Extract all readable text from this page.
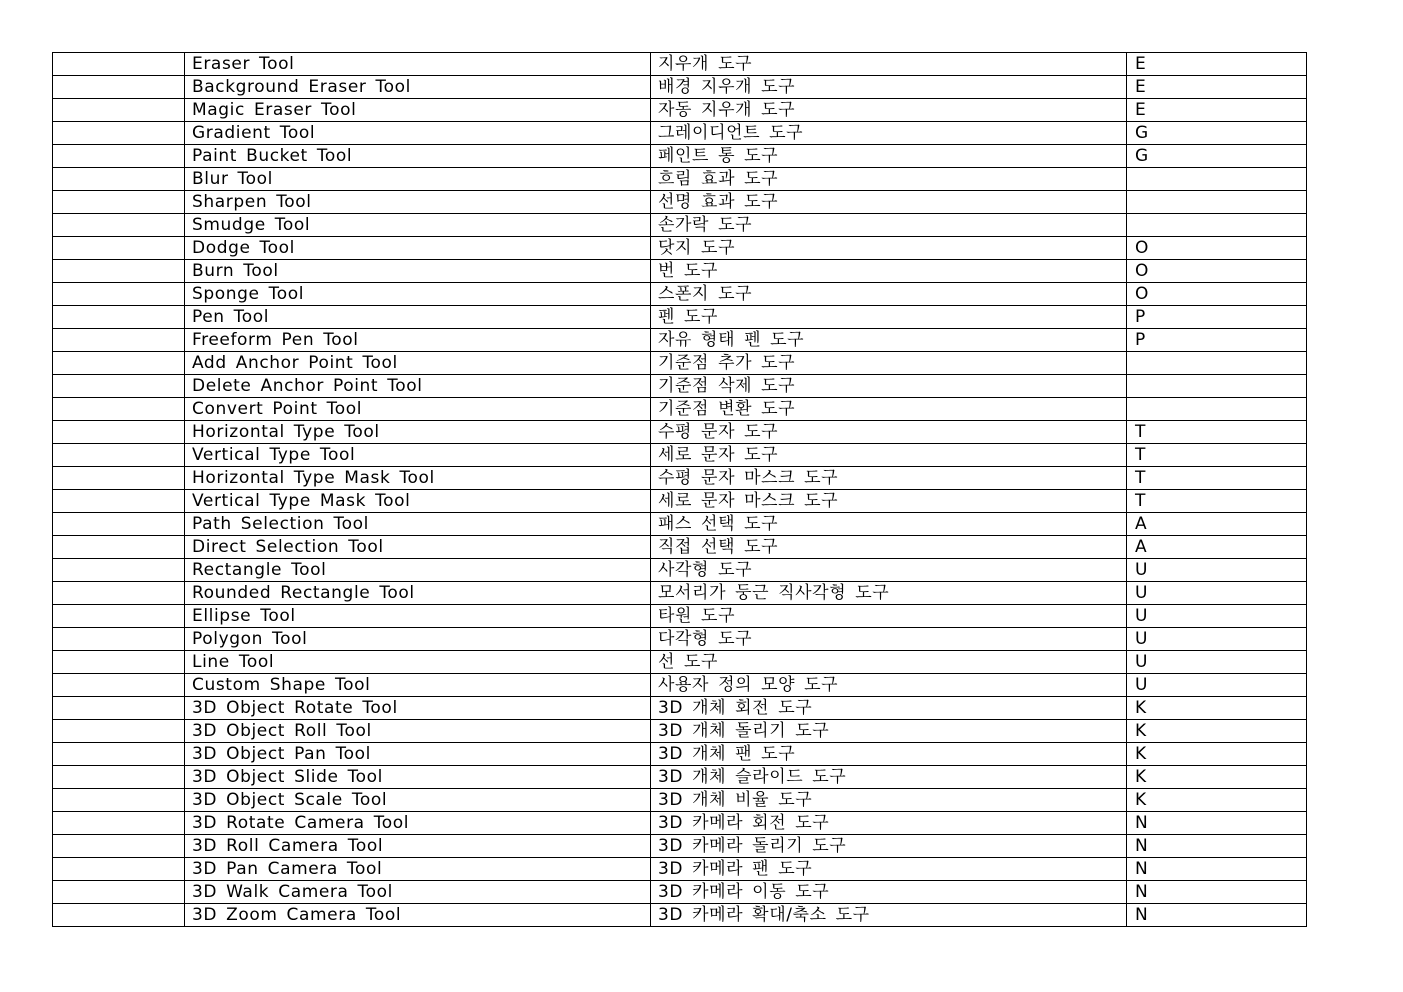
	Eraser Tool	지우개 도구	E
	Background Eraser Tool	배경 지우개 도구	E
	Magic Eraser Tool	자동 지우개 도구	E
	Gradient Tool	그레이디언트 도구	G
	Paint Bucket Tool	페인트 통 도구	G
	Blur Tool	흐림 효과 도구	
	Sharpen Tool	선명 효과 도구	
	Smudge Tool	손가락 도구	
	Dodge Tool	닷지 도구	O
	Burn Tool	번 도구	O
	Sponge Tool	스폰지 도구	O
	Pen Tool	펜 도구	P
	Freeform Pen Tool	자유 형태 펜 도구	P
	Add Anchor Point Tool	기준점 추가 도구	
	Delete Anchor Point Tool	기준점 삭제 도구	
	Convert Point Tool	기준점 변환 도구	
	Horizontal Type Tool	수평 문자 도구	T
	Vertical Type Tool	세로 문자 도구	T
	Horizontal Type Mask Tool	수평 문자 마스크 도구	T
	Vertical Type Mask Tool	세로 문자 마스크 도구	T
	Path Selection Tool	패스 선택 도구	A
	Direct Selection Tool	직접 선택 도구	A
	Rectangle Tool	사각형 도구	U
	Rounded Rectangle Tool	모서리가 둥근 직사각형 도구	U
	Ellipse Tool	타원 도구	U
	Polygon Tool	다각형 도구	U
	Line Tool	선 도구	U
	Custom Shape Tool	사용자 정의 모양 도구	U
	3D Object Rotate Tool	3D 개체 회전 도구	K
	3D Object Roll Tool	3D 개체 돌리기 도구	K
	3D Object Pan Tool	3D 개체 팬 도구	K
	3D Object Slide Tool	3D 개체 슬라이드 도구	K
	3D Object Scale Tool	3D 개체 비율 도구	K
	3D Rotate Camera Tool	3D 카메라 회전 도구	N
	3D Roll Camera Tool	3D 카메라 돌리기 도구	N
	3D Pan Camera Tool	3D 카메라 팬 도구	N
	3D Walk Camera Tool	3D 카메라 이동 도구	N
	3D Zoom Camera Tool	3D 카메라 확대/축소 도구	N
